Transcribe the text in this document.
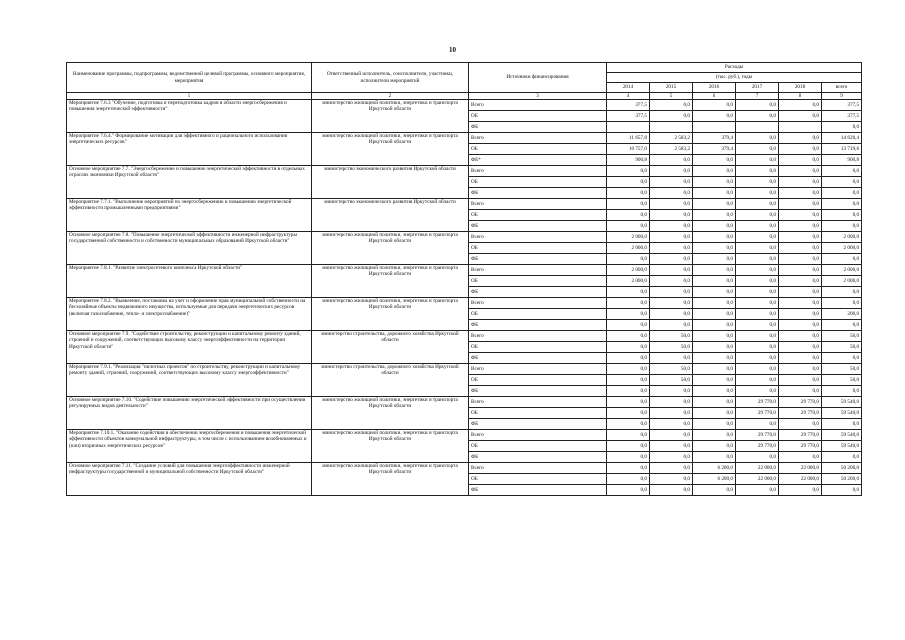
10
Наименование программы, подпрограммы, ведомственной целевой программы, основного мероприятия, мероприятия	Ответственный исполнитель, соисполнители, участники, исполнители мероприятий	Источники финансирования	Расходы					
			(тыс. руб.), годы					
			2014	2015	2016	2017	2018	всего
1	2	3	4	5	6	7	8	9
Мероприятие 7.6.3 "Обучение, подготовка и переподготовка кадров в области энергосбережения и повышения энергетической эффективности"	министерство жилищной политики, энергетики и транспорта Иркутской области	Всего	377,5	0,0	0,0	0,0	0,0	377,5
		ОБ	377,5	0,0	0,0	0,0	0,0	377,5
		ФБ						0,0
Мероприятие 7.6.4." Формирование мотивации для эффективного и рационального использования энергетических ресурсов"	министерство жилищной политики, энергетики и транспорта Иркутской области	Всего	11 657,8	2 583,2	379,4	0,0	0,0	14 620,4
		ОБ	10 757,0	2 583,2	379,4	0,0	0,0	13 719,6
		ФБ*	900,8	0,0	0,0	0,0	0,0	900,8
Основное мероприятие 7.7. "Энергосбережение и повышение энергетической эффективности в отдельных отраслях экономики Иркутской области"	министерство экономического развития Иркутской области	Всего	0,0	0,0	0,0	0,0	0,0	0,0
		ОБ	0,0	0,0	0,0	0,0	0,0	0,0
		ФБ	0,0	0,0	0,0	0,0	0,0	0,0
Мероприятие 7.7.1. "Выполнение мероприятий по энергосбережению и повышению энергетической эффективности промышленными предприятиями"	министерство экономического развития Иркутской области	Всего	0,0	0,0	0,0	0,0	0,0	0,0
		ОБ	0,0	0,0	0,0	0,0	0,0	0,0
		ФБ	0,0	0,0	0,0	0,0	0,0	0,0
Основное мероприятие 7.8. "Повышение энергетической эффективности инженерной инфраструктуры государственной собственности и собственности муниципальных образований Иркутской области"	министерство жилищной политики, энергетики и транспорта Иркутской области	Всего	2 000,0	0,0	0,0	0,0	0,0	2 000,0
		ОБ	2 000,0	0,0	0,0	0,0	0,0	2 000,0
		ФБ	0,0	0,0	0,0	0,0	0,0	0,0
Мероприятие 7.8.1. "Развитие электросетевого комплекса Иркутской области"	министерство жилищной политики, энергетики и транспорта Иркутской области	Всего	2 000,0	0,0	0,0	0,0	0,0	2 000,0
		ОБ	2 000,0	0,0	0,0	0,0	0,0	2 000,0
		ФБ	0,0	0,0	0,0	0,0	0,0	0,0
Мероприятие 7.8.2. "Выявление, постановка на учет и оформление прав муниципальной собственности на бесхозяйные объекты недвижимого имущества, используемые для передачи энергетических ресурсов (включая газоснабжение, тепло- и электроснабжение)"	министерство жилищной политики, энергетики и транспорта Иркутской области	Всего	0,0	0,0	0,0	0,0	0,0	0,0
		ОБ	0,0	0,0	0,0	0,0	0,0	200,0
		ФБ	0,0	0,0	0,0	0,0	0,0	0,0
Основное мероприятие 7.9. "Содействие строительству, реконструкции и капитальному ремонту зданий, строений и сооружений, соответствующих высокому классу энергоэффективности на территории Иркутской области"	министерство строительства, дорожного хозяйства Иркутской области	Всего	0,0	50,0	0,0	0,0	0,0	50,0
		ОБ	0,0	50,0	0,0	0,0	0,0	50,0
		ФБ	0,0	0,0	0,0	0,0	0,0	0,0
Мероприятие 7.9.1. "Реализация "пилотных проектов" по строительству, реконструкции и капитальному ремонту зданий, строений, сооружений, соответствующих высокому классу энергоэффективности"	министерство строительства, дорожного хозяйства Иркутской области	Всего	0,0	50,0	0,0	0,0	0,0	50,0
		ОБ	0,0	50,0	0,0	0,0	0,0	50,0
		ФБ	0,0	0,0	0,0	0,0	0,0	0,0
Основное мероприятие 7.10. "Содействие повышению энергетической эффективности при осуществлении регулируемых видов деятельности"	министерство жилищной политики, энергетики и транспорта Иркутской области	Всего	0,0	0,0	0,0	29 770,0	29 770,0	59 540,0
		ОБ	0,0	0,0	0,0	29 770,0	29 770,0	59 540,0
		ФБ	0,0	0,0	0,0	0,0	0,0	0,0
Мероприятие 7.10.1. "Оказание содействия в обеспечении энергосбережения и повышения энергетической эффективности объектов коммунальной инфраструктуры, в том числе с использованием возобновляемых и (или) вторичных энергетических ресурсов"	министерство жилищной политики, энергетики и транспорта Иркутской области	Всего	0,0	0,0	0,0	29 770,0	29 770,0	59 540,0
		ОБ	0,0	0,0	0,0	29 770,0	29 770,0	59 540,0
		ФБ	0,0	0,0	0,0	0,0	0,0	0,0
Основное мероприятие 7.11. "Создание условий для повышения энергоэффективности инженерной инфраструктуры государственной и муниципальной собственности Иркутской области"	министерство жилищной политики, энергетики и транспорта Иркутской области	Всего	0,0	0,0	6 200,0	22 000,0	22 000,0	50 200,0
		ОБ	0,0	0,0	6 200,0	22 000,0	22 000,0	50 200,0
		ФБ	0,0	0,0	0,0	0,0	0,0	0,0
